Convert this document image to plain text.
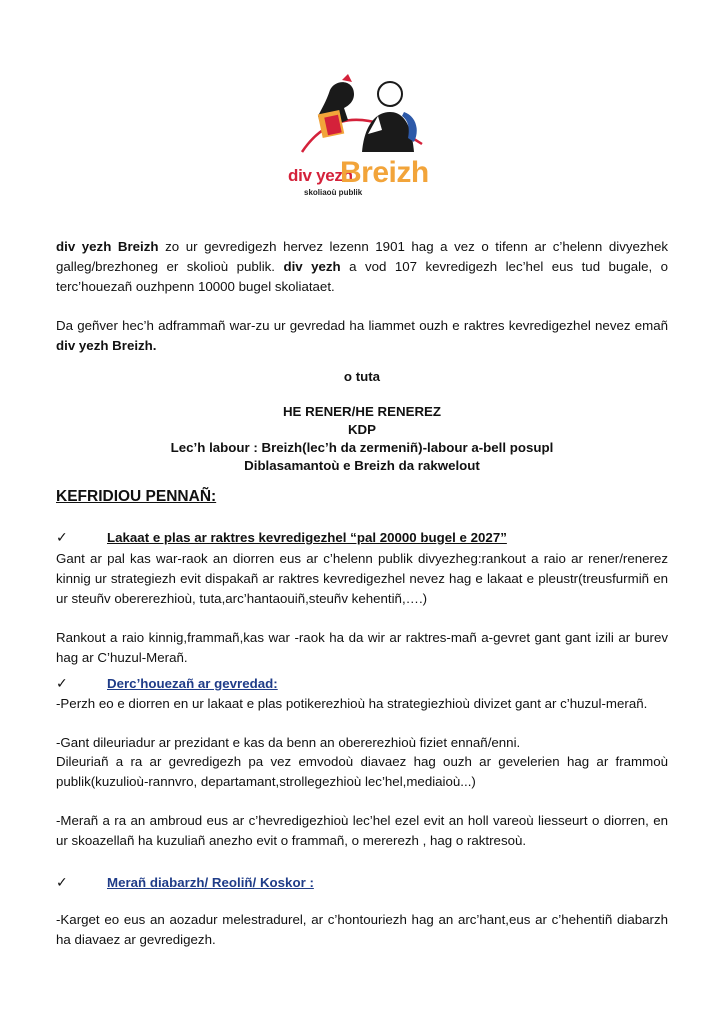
div yezh
Breizh
skoliaoù publik

div yezh Breizh zo ur gevredigezh hervez lezenn 1901 hag a vez o tifenn ar c’helenn divyezhek

galleg/brezhoneg er skolioù publik. div yezh a vod 107 kevredigezh lec’hel eus tud bugale, o

terc’houezañ ouzhpenn 10000 bugel skoliataet.

Da geñver hec’h adframmañ war-zu ur gevredad ha liammet ouzh e raktres kevredigezhel nevez emañ

div yezh Breizh.

o tuta
HE RENER/HE RENEREZ
KDP
Lec’h labour : Breizh(lec’h da zermeniñ)-labour a-bell posupl
Diblasamantoù e Breizh da rakwelout
KEFRIDIOU PENNAÑ:
✓	Lakaat e plas ar raktres kevredigezhel “pal 20000 bugel e 2027”

Gant ar pal kas war-raok an diorren eus ar c’helenn publik divyezheg:rankout a raio ar rener/renerez

kinnig ur strategiezh evit dispakañ ar raktres kevredigezhel nevez hag e lakaat e pleustr(treusfurmiñ en

ur steuñv obererezhioù, tuta,arc’hantaouiñ,steuñv kehentiñ,….)

Rankout a raio kinnig,frammañ,kas war -raok ha da wir ar raktres-mañ a-gevret gant gant izili ar burev

hag ar C’huzul-Merañ.

✓	Derc’houezañ ar gevredad:

-Perzh eo e diorren en ur lakaat e plas potikerezhioù ha strategiezhioù divizet gant ar c’huzul-merañ.

-Gant dileuriadur ar prezidant e kas da benn an obererezhioù fiziet ennañ/enni.

Dileuriañ a ra ar gevredigezh pa vez emvodoù diavaez hag ouzh ar gevelerien hag ar frammoù

publik(kuzulioù-rannvro, departamant,strollegezhioù lec’hel,mediaioù...)

-Merañ a ra an ambroud eus ar c’hevredigezhioù lec’hel ezel evit an holl vareoù liesseurt o diorren, en

ur skoazellañ ha kuzuliañ anezho evit o frammañ, o mererezh , hag o raktresoù.

✓	Merañ diabarzh/ Reoliñ/ Koskor :

-Karget eo eus an aozadur melestradurel, ar c’hontouriezh hag an arc’hant,eus ar c’hehentiñ diabarzh

ha diavaez ar gevredigezh.
